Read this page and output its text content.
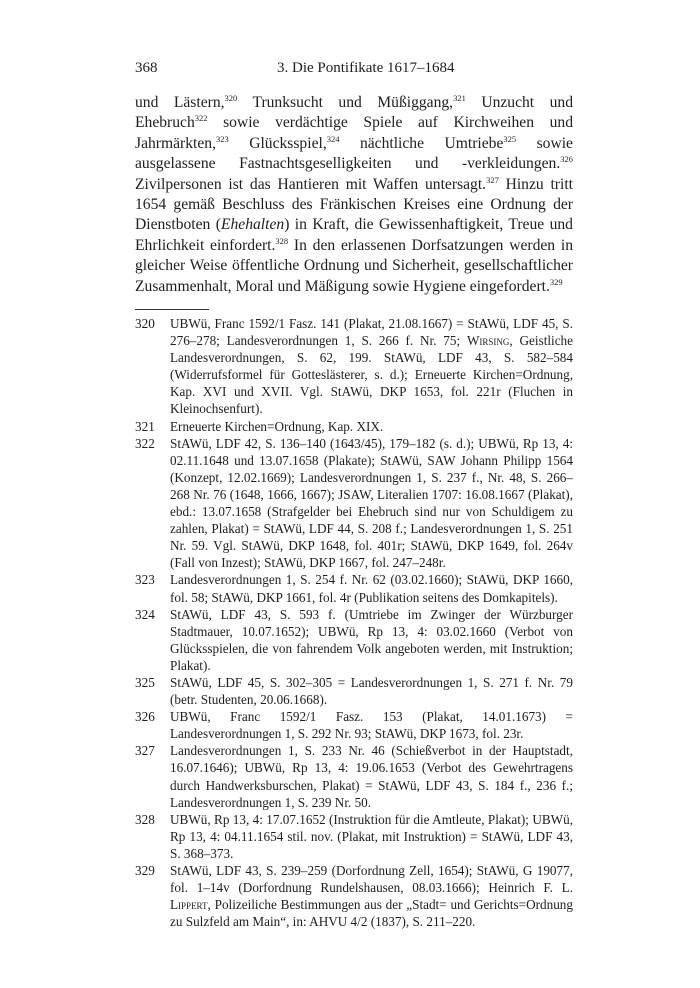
368	3. Die Pontifikate 1617–1684

und Lästern,$^{320}$ Trunksucht und Müßiggang,$^{321}$ Unzucht und Ehebruch$^{322}$ sowie verdächtige Spiele auf Kirchweihen und Jahrmärkten,$^{323}$ Glücksspiel,$^{324}$ nächtliche Umtriebe$^{325}$ sowie ausgelassene Fastnachtsgeselligkeiten und -verkleidungen.$^{326}$ Zivilpersonen ist das Hantieren mit Waffen untersagt.$^{327}$ Hinzu tritt 1654 gemäß Beschluss des Fränkischen Kreises eine Ordnung der Dienstboten (Ehehalten) in Kraft, die Gewissenhaftigkeit, Treue und Ehrlichkeit einfordert.$^{328}$ In den erlassenen Dorfsatzungen werden in gleicher Weise öffentliche Ordnung und Sicherheit, gesellschaftlicher Zusammenhalt, Moral und Mäßigung sowie Hygiene eingefordert.$^{329}$

320 UBWü, Franc 1592/1 Fasz. 141 (Plakat, 21.08.1667) = StAWü, LDF 45, S. 276–278; Landesverordnungen 1, S. 266 f. Nr. 75; Wirsing, Geistliche Landesverordnungen, S. 62, 199. StAWü, LDF 43, S. 582–584 (Widerrufsformel für Gotteslästerer, s. d.); Erneuerte Kirchen=Ordnung, Kap. XVI und XVII. Vgl. StAWü, DKP 1653, fol. 221r (Fluchen in Kleinochsenfurt).
321 Erneuerte Kirchen=Ordnung, Kap. XIX.
322 StAWü, LDF 42, S. 136–140 (1643/45), 179–182 (s. d.); UBWü, Rp 13, 4: 02.11.1648 und 13.07.1658 (Plakate); StAWü, SAW Johann Philipp 1564 (Konzept, 12.02.1669); Landesverordnungen 1, S. 237 f., Nr. 48, S. 266–268 Nr. 76 (1648, 1666, 1667); JSAW, Literalien 1707: 16.08.1667 (Plakat), ebd.: 13.07.1658 (Strafgelder bei Ehebruch sind nur von Schuldigem zu zahlen, Plakat) = StAWü, LDF 44, S. 208 f.; Landesverordnungen 1, S. 251 Nr. 59. Vgl. StAWü, DKP 1648, fol. 401r; StAWü, DKP 1649, fol. 264v (Fall von Inzest); StAWü, DKP 1667, fol. 247–248r.
323 Landesverordnungen 1, S. 254 f. Nr. 62 (03.02.1660); StAWü, DKP 1660, fol. 58; StAWü, DKP 1661, fol. 4r (Publikation seitens des Domkapitels).
324 StAWü, LDF 43, S. 593 f. (Umtriebe im Zwinger der Würzburger Stadtmauer, 10.07.1652); UBWü, Rp 13, 4: 03.02.1660 (Verbot von Glücksspielen, die von fahrendem Volk angeboten werden, mit Instruktion; Plakat).
325 StAWü, LDF 45, S. 302–305 = Landesverordnungen 1, S. 271 f. Nr. 79 (betr. Studenten, 20.06.1668).
326 UBWü, Franc 1592/1 Fasz. 153 (Plakat, 14.01.1673) = Landesverordnungen 1, S. 292 Nr. 93; StAWü, DKP 1673, fol. 23r.
327 Landesverordnungen 1, S. 233 Nr. 46 (Schießverbot in der Hauptstadt, 16.07.1646); UBWü, Rp 13, 4: 19.06.1653 (Verbot des Gewehrtragens durch Handwerksburschen, Plakat) = StAWü, LDF 43, S. 184 f., 236 f.; Landesverordnungen 1, S. 239 Nr. 50.
328 UBWü, Rp 13, 4: 17.07.1652 (Instruktion für die Amtleute, Plakat); UBWü, Rp 13, 4: 04.11.1654 stil. nov. (Plakat, mit Instruktion) = StAWü, LDF 43, S. 368–373.
329 StAWü, LDF 43, S. 239–259 (Dorfordnung Zell, 1654); StAWü, G 19077, fol. 1–14v (Dorfordnung Rundelshausen, 08.03.1666); Heinrich F. L. Lippert, Polizeiliche Bestimmungen aus der „Stadt= und Gerichts=Ordnung zu Sulzfeld am Main“, in: AHVU 4/2 (1837), S. 211–220.
